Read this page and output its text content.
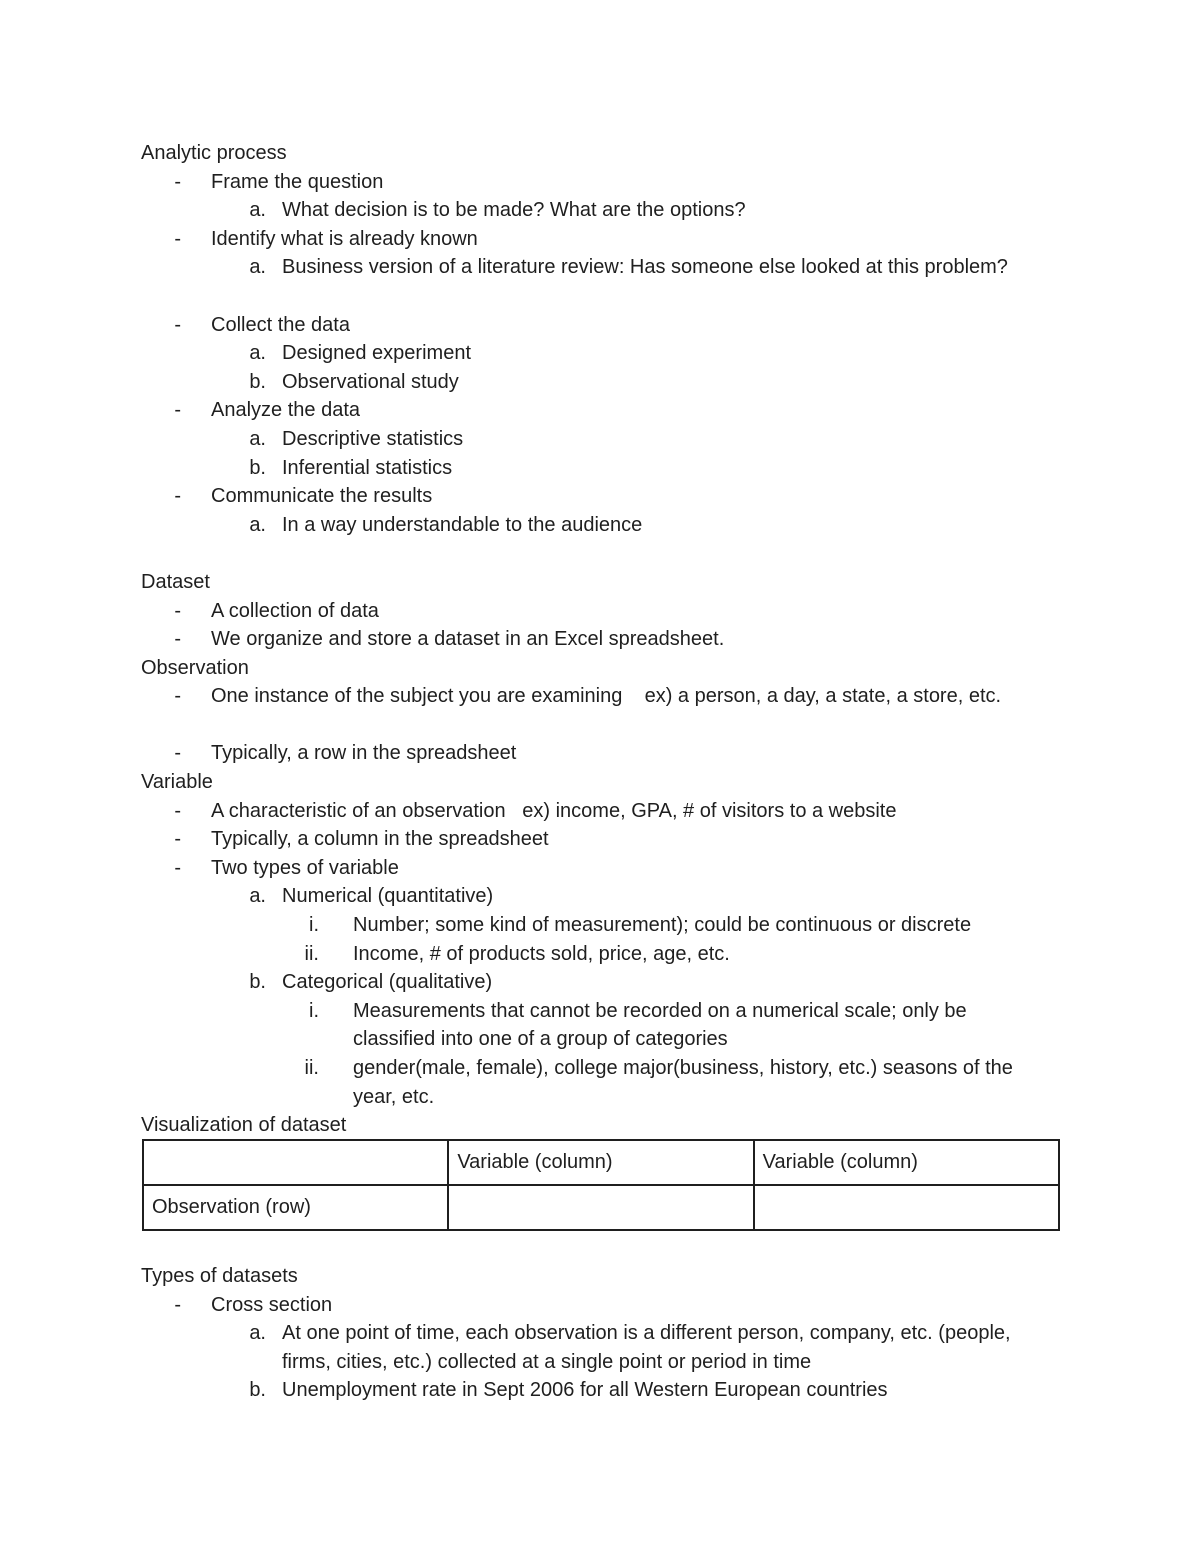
Analytic process
- Frame the question
a. What decision is to be made? What are the options?
- Identify what is already known
a. Business version of a literature review: Has someone else looked at this problem?
- Collect the data
a. Designed experiment
b. Observational study
- Analyze the data
a. Descriptive statistics
b. Inferential statistics
- Communicate the results
a. In a way understandable to the audience
Dataset
- A collection of data
- We organize and store a dataset in an Excel spreadsheet.
Observation
- One instance of the subject you are examining    ex) a person, a day, a state, a store, etc.
- Typically, a row in the spreadsheet
Variable
- A characteristic of an observation   ex) income, GPA, # of visitors to a website
- Typically, a column in the spreadsheet
- Two types of variable
a. Numerical (quantitative)
i. Number; some kind of measurement); could be continuous or discrete
ii. Income, # of products sold, price, age, etc.
b. Categorical (qualitative)
i. Measurements that cannot be recorded on a numerical scale; only be classified into one of a group of categories
ii. gender(male, female), college major(business, history, etc.) seasons of the year, etc.
Visualization of dataset
	Variable (column)	Variable (column)
Observation (row)		
Types of datasets
- Cross section
a. At one point of time, each observation is a different person, company, etc. (people, firms, cities, etc.) collected at a single point or period in time
b. Unemployment rate in Sept 2006 for all Western European countries
